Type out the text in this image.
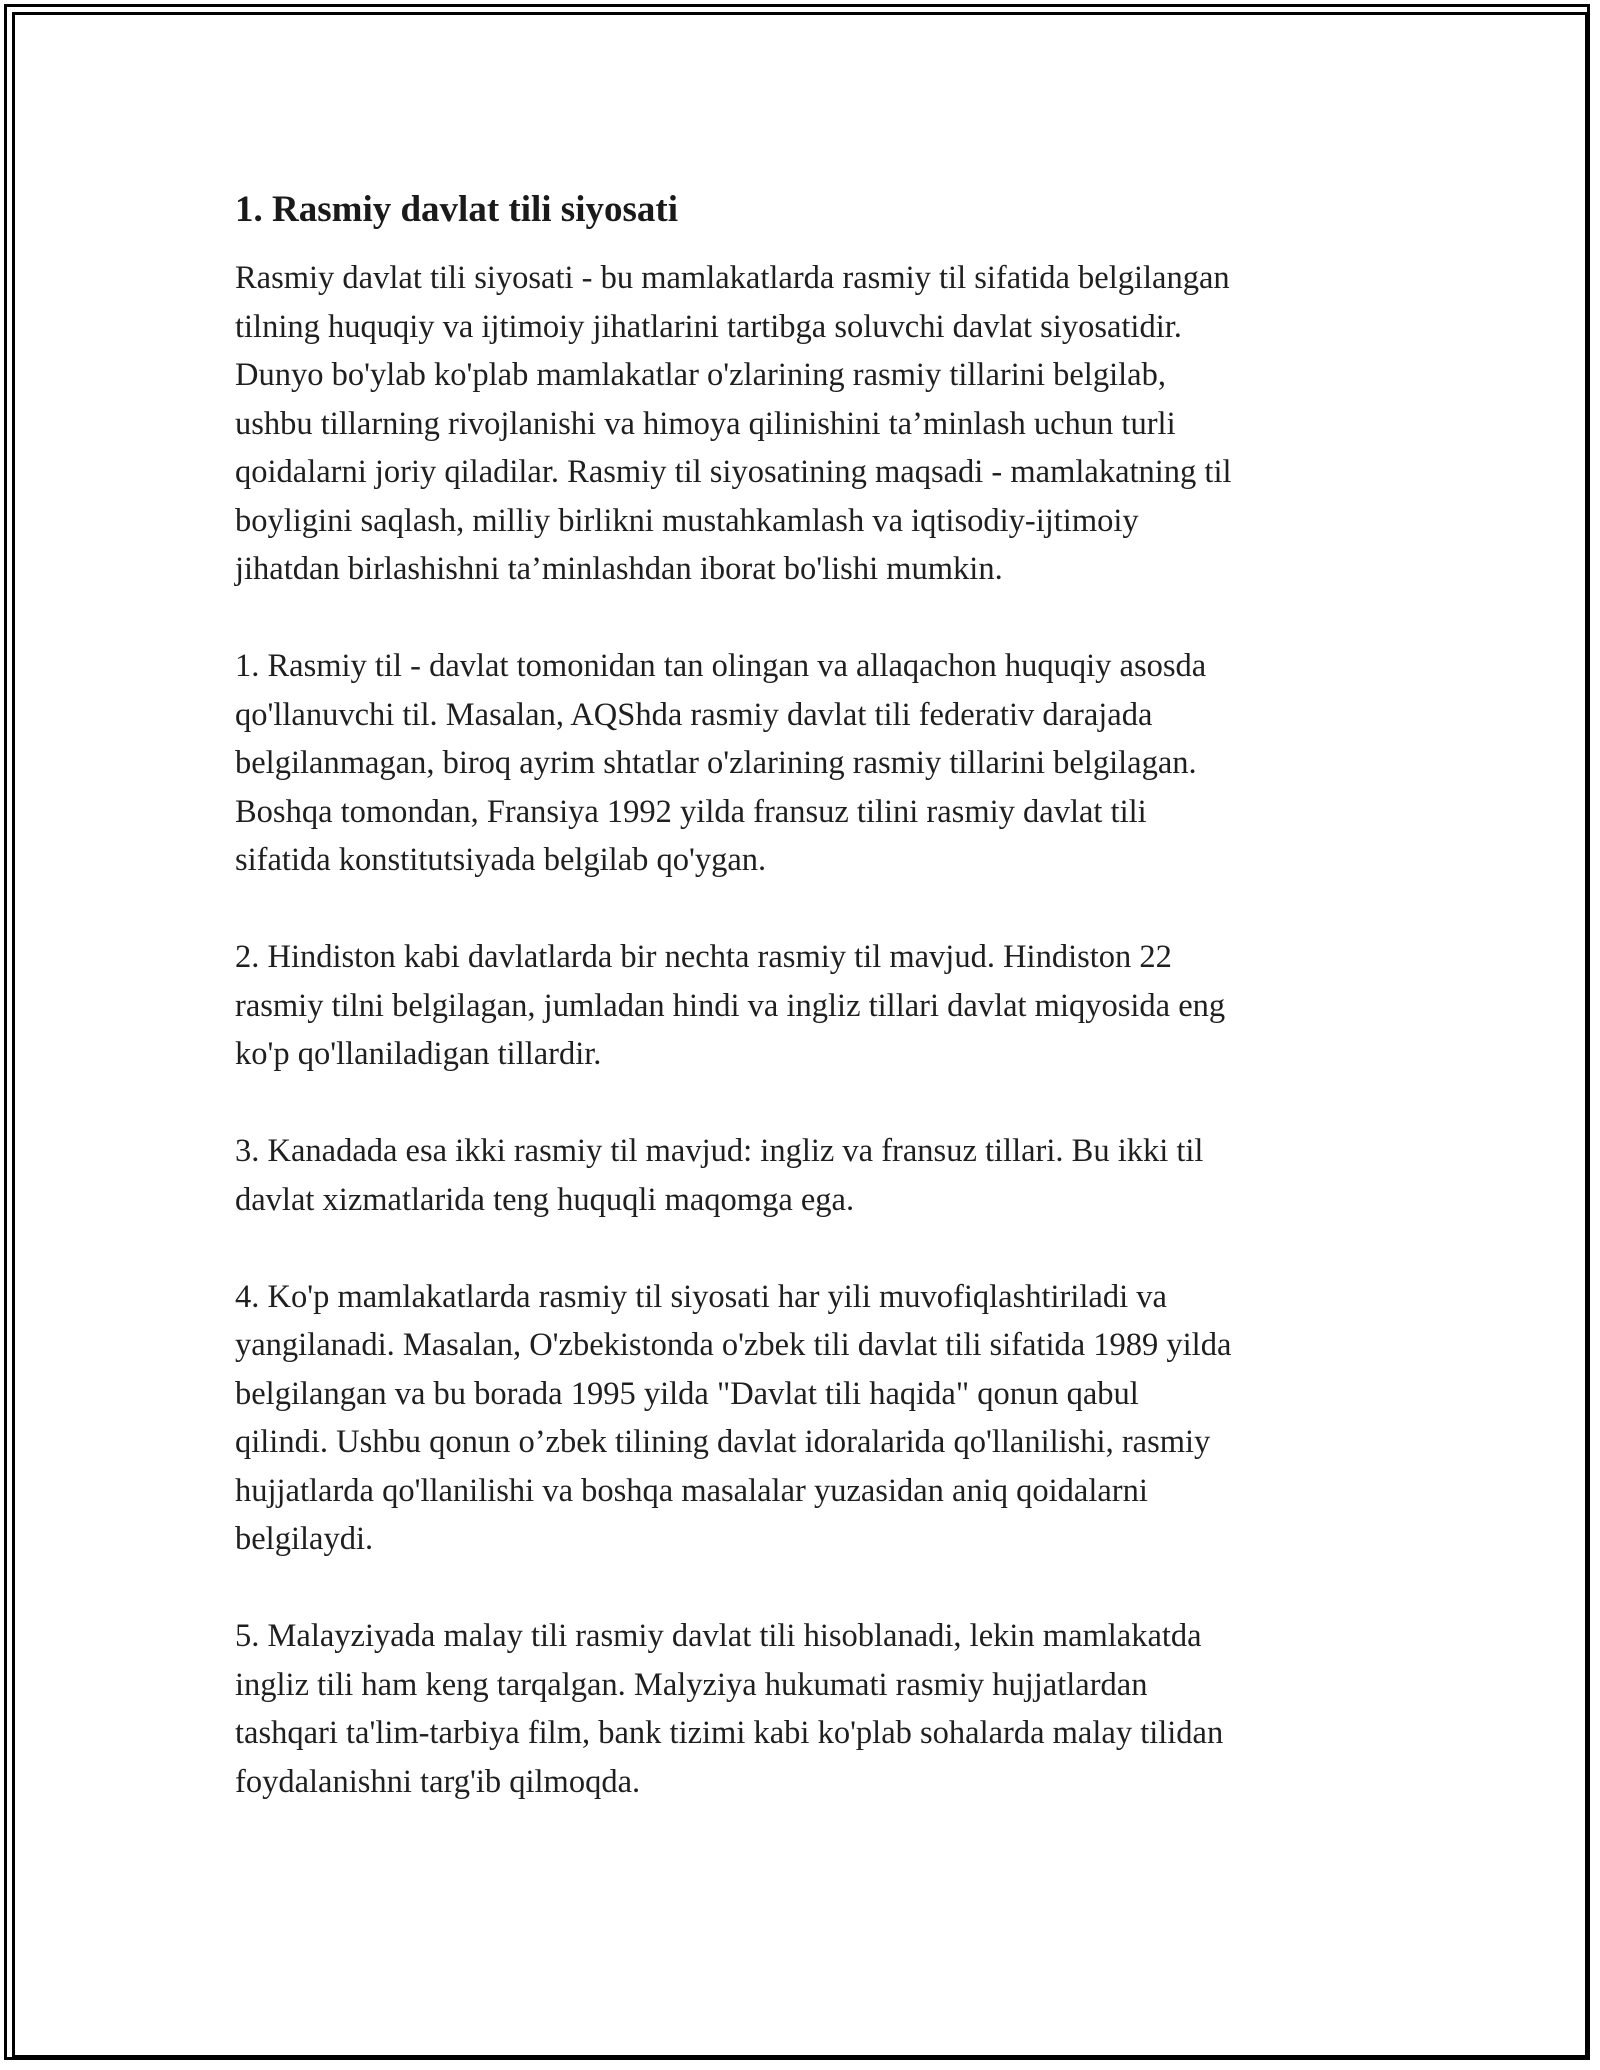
1. Rasmiy davlat tili siyosati

Rasmiy davlat tili siyosati - bu mamlakatlarda rasmiy til sifatida belgilangan
tilning huquqiy va ijtimoiy jihatlarini tartibga soluvchi davlat siyosatidir.
Dunyo bo'ylab ko'plab mamlakatlar o'zlarining rasmiy tillarini belgilab,
ushbu tillarning rivojlanishi va himoya qilinishini ta’minlash uchun turli
qoidalarni joriy qiladilar. Rasmiy til siyosatining maqsadi - mamlakatning til
boyligini saqlash, milliy birlikni mustahkamlash va iqtisodiy-ijtimoiy
jihatdan birlashishni ta’minlashdan iborat bo'lishi mumkin.

1. Rasmiy til - davlat tomonidan tan olingan va allaqachon huquqiy asosda
qo'llanuvchi til. Masalan, AQShda rasmiy davlat tili federativ darajada
belgilanmagan, biroq ayrim shtatlar o'zlarining rasmiy tillarini belgilagan.
Boshqa tomondan, Fransiya 1992 yilda fransuz tilini rasmiy davlat tili
sifatida konstitutsiyada belgilab qo'ygan.

2. Hindiston kabi davlatlarda bir nechta rasmiy til mavjud. Hindiston 22
rasmiy tilni belgilagan, jumladan hindi va ingliz tillari davlat miqyosida eng
ko'p qo'llaniladigan tillardir.

3. Kanadada esa ikki rasmiy til mavjud: ingliz va fransuz tillari. Bu ikki til
davlat xizmatlarida teng huquqli maqomga ega.

4. Ko'p mamlakatlarda rasmiy til siyosati har yili muvofiqlashtiriladi va
yangilanadi. Masalan, O'zbekistonda o'zbek tili davlat tili sifatida 1989 yilda
belgilangan va bu borada 1995 yilda "Davlat tili haqida" qonun qabul
qilindi. Ushbu qonun o’zbek tilining davlat idoralarida qo'llanilishi, rasmiy
hujjatlarda qo'llanilishi va boshqa masalalar yuzasidan aniq qoidalarni
belgilaydi.

5. Malayziyada malay tili rasmiy davlat tili hisoblanadi, lekin mamlakatda
ingliz tili ham keng tarqalgan. Malyziya hukumati rasmiy hujjatlardan
tashqari ta'lim-tarbiya film, bank tizimi kabi ko'plab sohalarda malay tilidan
foydalanishni targ'ib qilmoqda.
